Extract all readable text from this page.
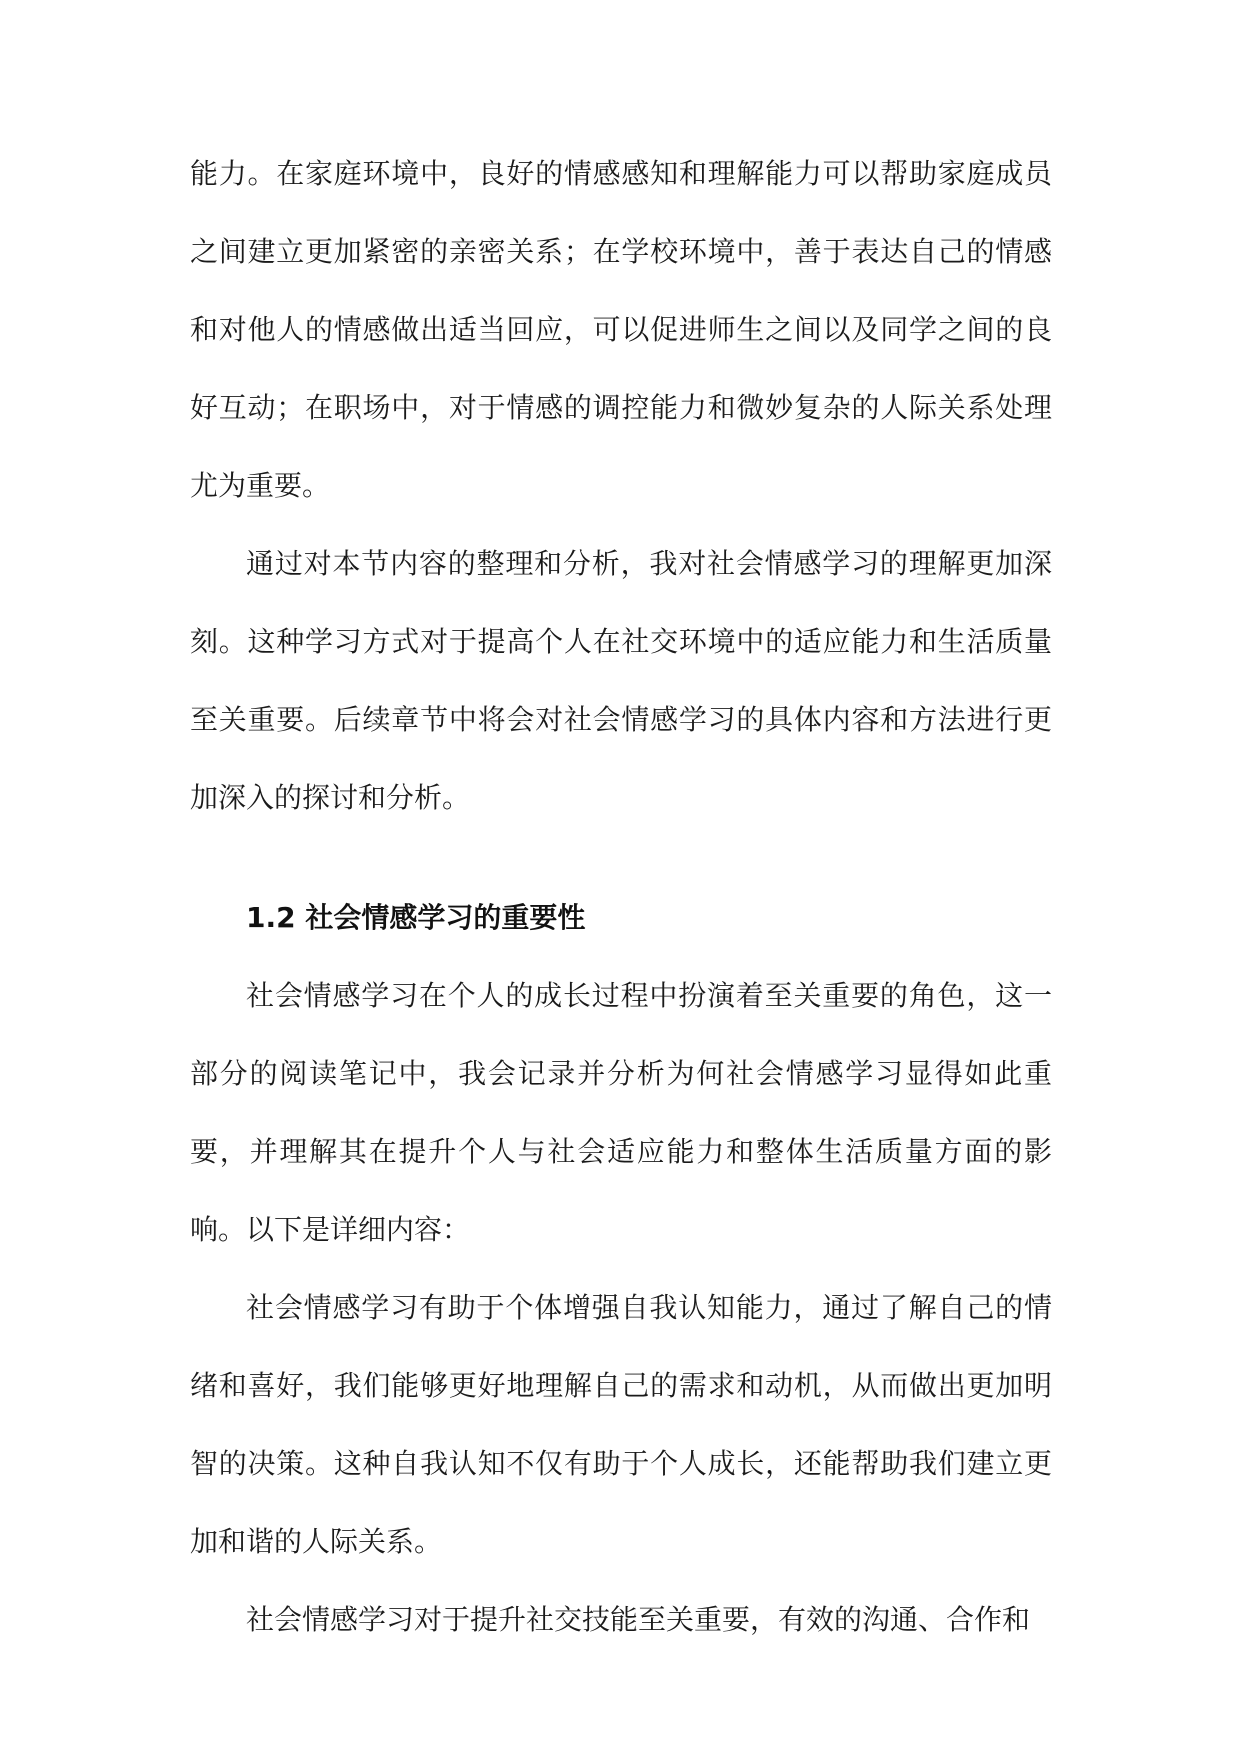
能力。在家庭环境中，良好的情感感知和理解能力可以帮助家庭成员之间建立更加紧密的亲密关系；在学校环境中，善于表达自己的情感和对他人的情感做出适当回应，可以促进师生之间以及同学之间的良好互动；在职场中，对于情感的调控能力和微妙复杂的人际关系处理尤为重要。

通过对本节内容的整理和分析，我对社会情感学习的理解更加深刻。这种学习方式对于提高个人在社交环境中的适应能力和生活质量至关重要。后续章节中将会对社会情感学习的具体内容和方法进行更加深入的探讨和分析。

1.2 社会情感学习的重要性

社会情感学习在个人的成长过程中扮演着至关重要的角色，这一部分的阅读笔记中，我会记录并分析为何社会情感学习显得如此重要，并理解其在提升个人与社会适应能力和整体生活质量方面的影响。以下是详细内容：

社会情感学习有助于个体增强自我认知能力，通过了解自己的情绪和喜好，我们能够更好地理解自己的需求和动机，从而做出更加明智的决策。这种自我认知不仅有助于个人成长，还能帮助我们建立更加和谐的人际关系。

社会情感学习对于提升社交技能至关重要，有效的沟通、合作和
